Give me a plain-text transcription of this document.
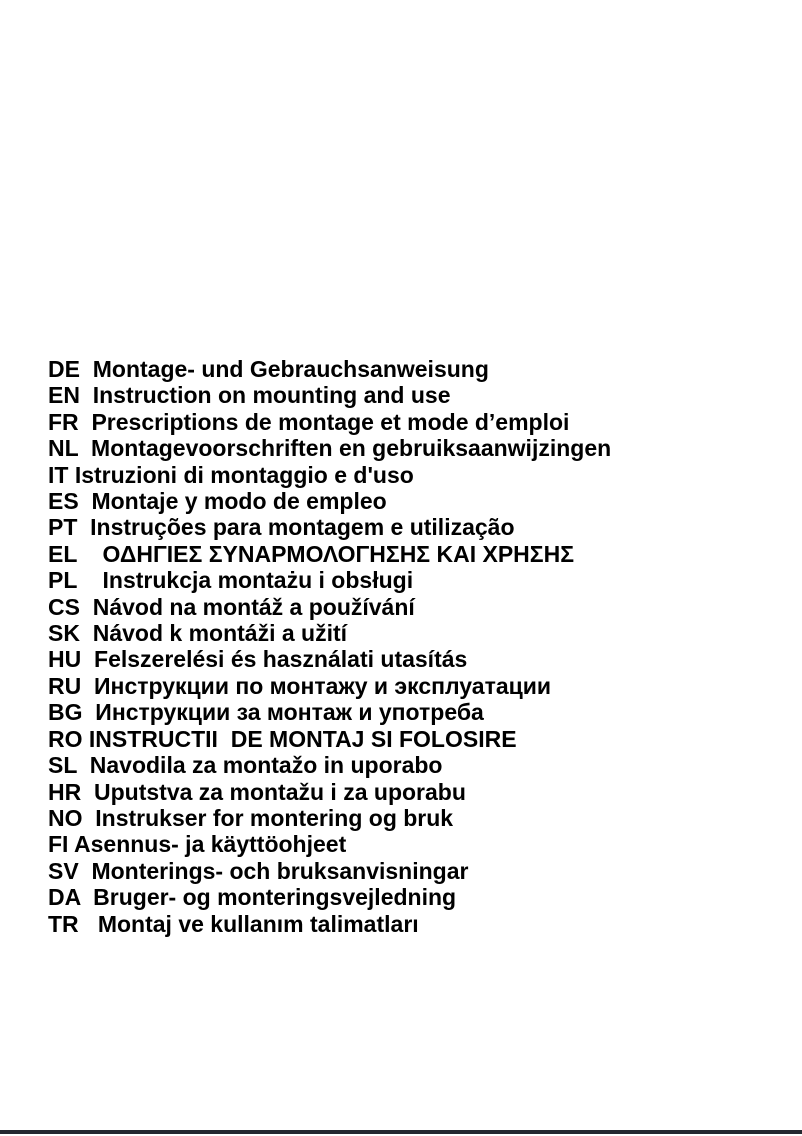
DE Montage- und Gebrauchsanweisung
EN Instruction on mounting and use
FR Prescriptions de montage et mode d’emploi
NL Montagevoorschriften en gebruiksaanwijzingen
IT Istruzioni di montaggio e d'uso
ES Montaje y modo de empleo
PT Instruções para montagem e utilização
EL ΟΔΗΓΙΕΣ ΣΥΝΑΡΜΟΛΟΓΗΣΗΣ ΚΑΙ ΧΡΗΣΗΣ
PL Instrukcja montażu i obsługi
CS Návod na montáž a používání
SK Návod k montáži a užití
HU Felszerelési és használati utasítás
RU Инструкции по монтажу и эксплуатации
BG Инструкции за монтаж и употреба
RO INSTRUCTII  DE MONTAJ SI FOLOSIRE
SL Navodila za montažo in uporabo
HR Uputstva za montažu i za uporabu
NO Instrukser for montering og bruk
FI Asennus- ja käyttöohjeet
SV Monterings- och bruksanvisningar
DA Bruger- og monteringsvejledning
TR Montaj ve kullanım talimatları
